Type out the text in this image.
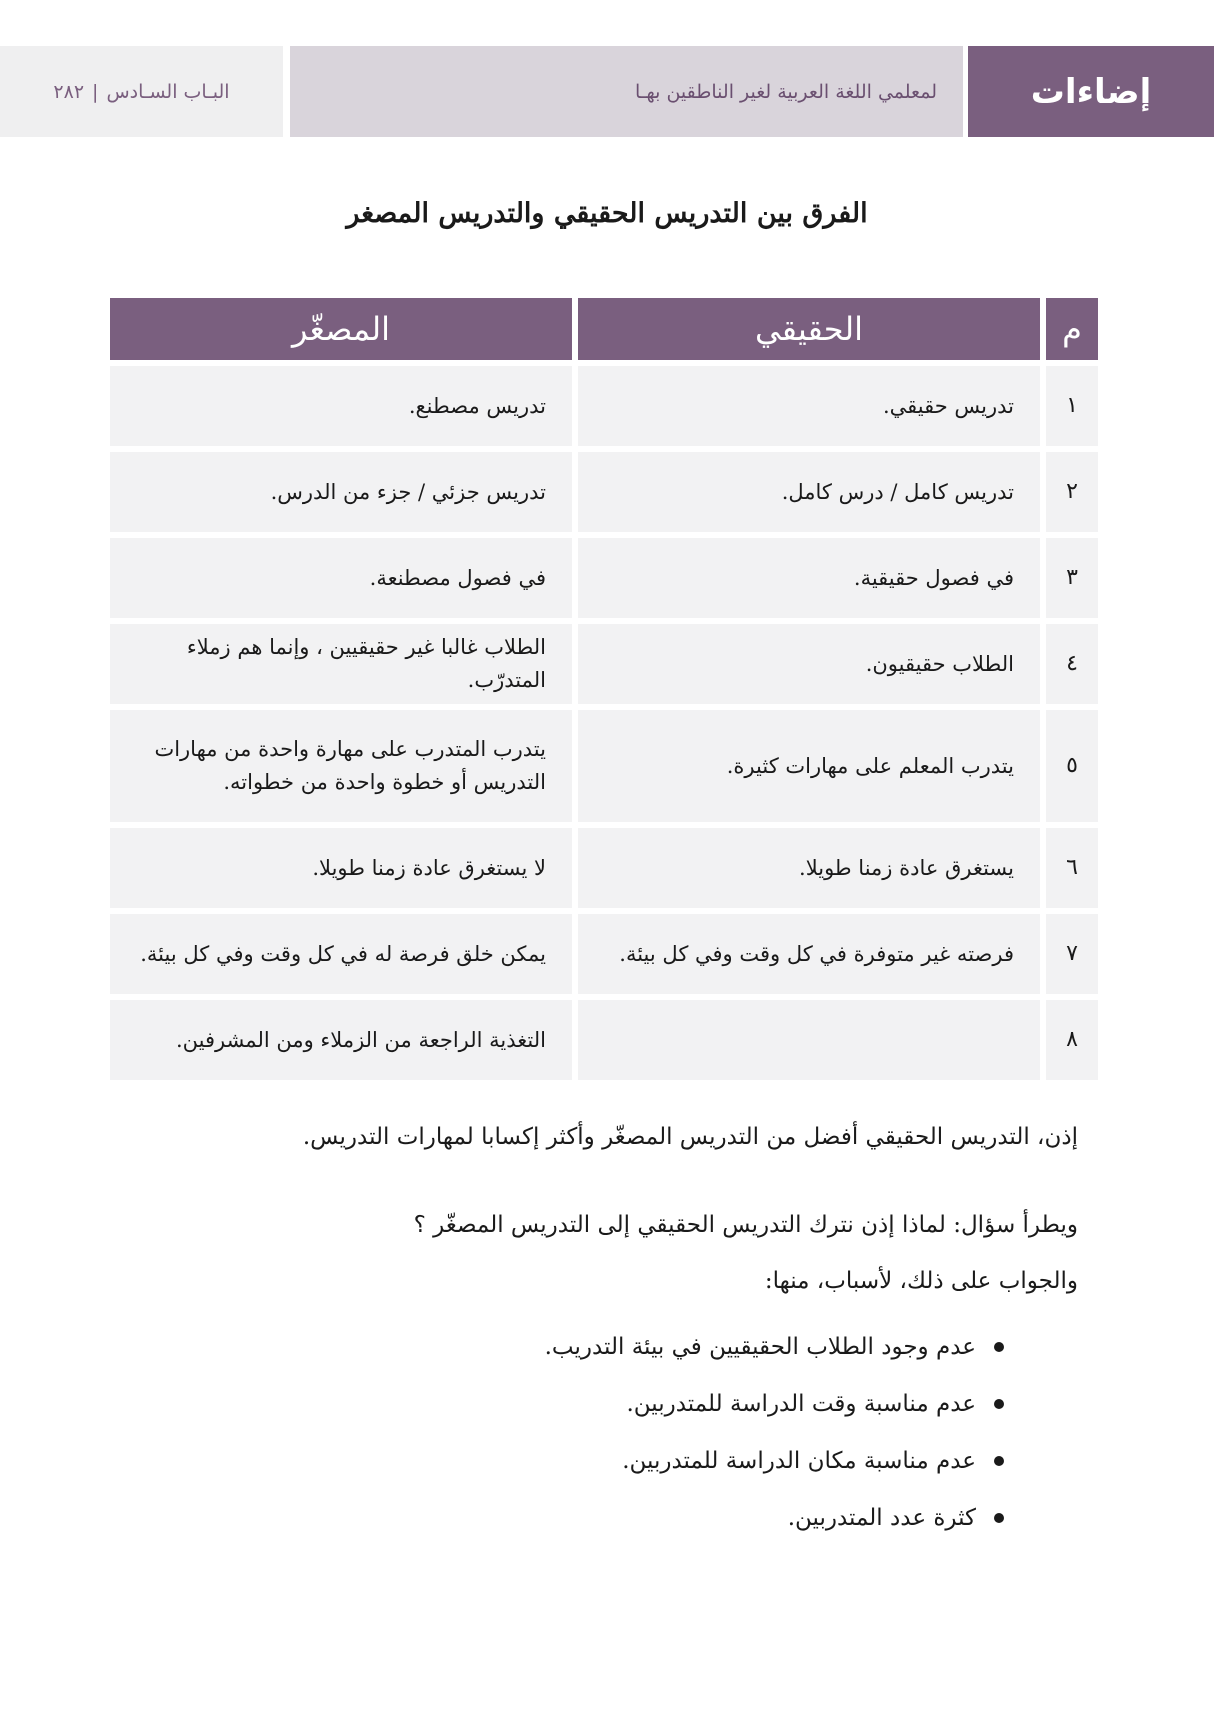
إضاءات
لمعلمي اللغة العربية لغير الناطقين بهـا
٢٨٢ | البـاب السـادس
الفرق بين التدريس الحقيقي والتدريس المصغر
م	الحقيقي	المصغّر
١	تدريس حقيقي.	تدريس مصطنع.
٢	تدريس كامل / درس كامل.	تدريس جزئي / جزء من الدرس.
٣	في فصول حقيقية.	في فصول مصطنعة.
٤	الطلاب حقيقيون.	الطلاب غالبا غير حقيقيين ، وإنما هم زملاء المتدرّب.
٥	يتدرب المعلم على مهارات كثيرة.	يتدرب المتدرب على مهارة واحدة من مهارات التدريس أو خطوة واحدة من خطواته.
٦	يستغرق عادة زمنا طويلا.	لا يستغرق عادة زمنا طويلا.
٧	فرصته غير متوفرة في كل وقت وفي كل بيئة.	يمكن خلق فرصة له في كل وقت وفي كل بيئة.
٨		التغذية الراجعة من الزملاء ومن المشرفين.
إذن، التدريس الحقيقي أفضل من التدريس المصغّر وأكثر إكسابا لمهارات التدريس.
ويطرأ سؤال: لماذا إذن نترك التدريس الحقيقي إلى التدريس المصغّر ؟
والجواب على ذلك، لأسباب، منها:
عدم وجود الطلاب الحقيقيين في بيئة التدريب.
عدم مناسبة وقت الدراسة للمتدربين.
عدم مناسبة مكان الدراسة للمتدربين.
كثرة عدد المتدربين.
